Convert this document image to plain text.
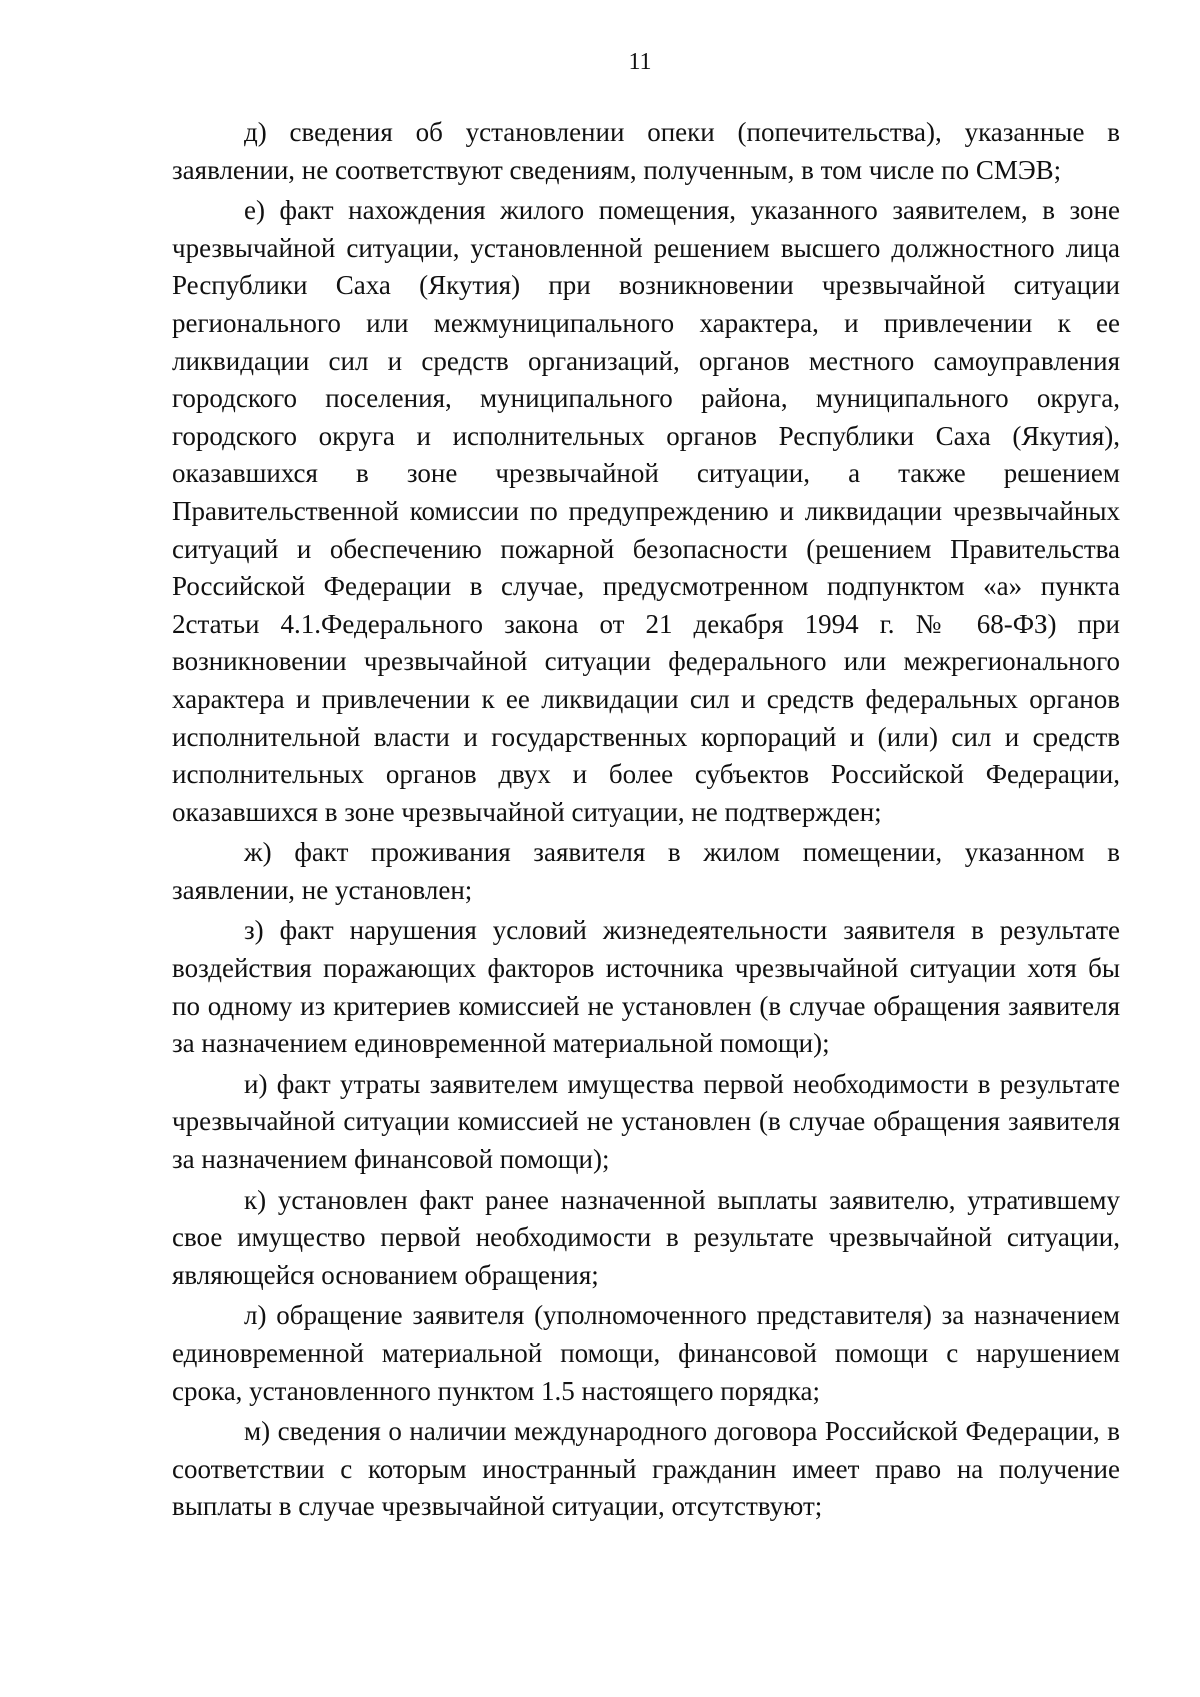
11

д) сведения об установлении опеки (попечительства), указанные в заявлении, не соответствуют сведениям, полученным, в том числе по СМЭВ;

е) факт нахождения жилого помещения, указанного заявителем, в зоне чрезвычайной ситуации, установленной решением высшего должностного лица Республики Саха (Якутия) при возникновении чрезвычайной ситуации регионального или межмуниципального характера, и привлечении к ее ликвидации сил и средств организаций, органов местного самоуправления городского поселения, муниципального района, муниципального округа, городского округа и исполнительных органов Республики Саха (Якутия), оказавшихся в зоне чрезвычайной ситуации, а также решением Правительственной комиссии по предупреждению и ликвидации чрезвычайных ситуаций и обеспечению пожарной безопасности (решением Правительства Российской Федерации в случае, предусмотренном подпунктом «а» пункта 2статьи 4.1.Федерального закона от 21 декабря 1994 г. № 68-ФЗ) при возникновении чрезвычайной ситуации федерального или межрегионального характера и привлечении к ее ликвидации сил и средств федеральных органов исполнительной власти и государственных корпораций и (или) сил и средств исполнительных органов двух и более субъектов Российской Федерации, оказавшихся в зоне чрезвычайной ситуации, не подтвержден;

ж) факт проживания заявителя в жилом помещении, указанном в заявлении, не установлен;

з) факт нарушения условий жизнедеятельности заявителя в результате воздействия поражающих факторов источника чрезвычайной ситуации хотя бы по одному из критериев комиссией не установлен (в случае обращения заявителя за назначением единовременной материальной помощи);

и) факт утраты заявителем имущества первой необходимости в результате чрезвычайной ситуации комиссией не установлен (в случае обращения заявителя за назначением финансовой помощи);

к) установлен факт ранее назначенной выплаты заявителю, утратившему свое имущество первой необходимости в результате чрезвычайной ситуации, являющейся основанием обращения;

л) обращение заявителя (уполномоченного представителя) за назначением единовременной материальной помощи, финансовой помощи с нарушением срока, установленного пунктом 1.5 настоящего порядка;

м) сведения о наличии международного договора Российской Федерации, в соответствии с которым иностранный гражданин имеет право на получение выплаты в случае чрезвычайной ситуации, отсутствуют;
